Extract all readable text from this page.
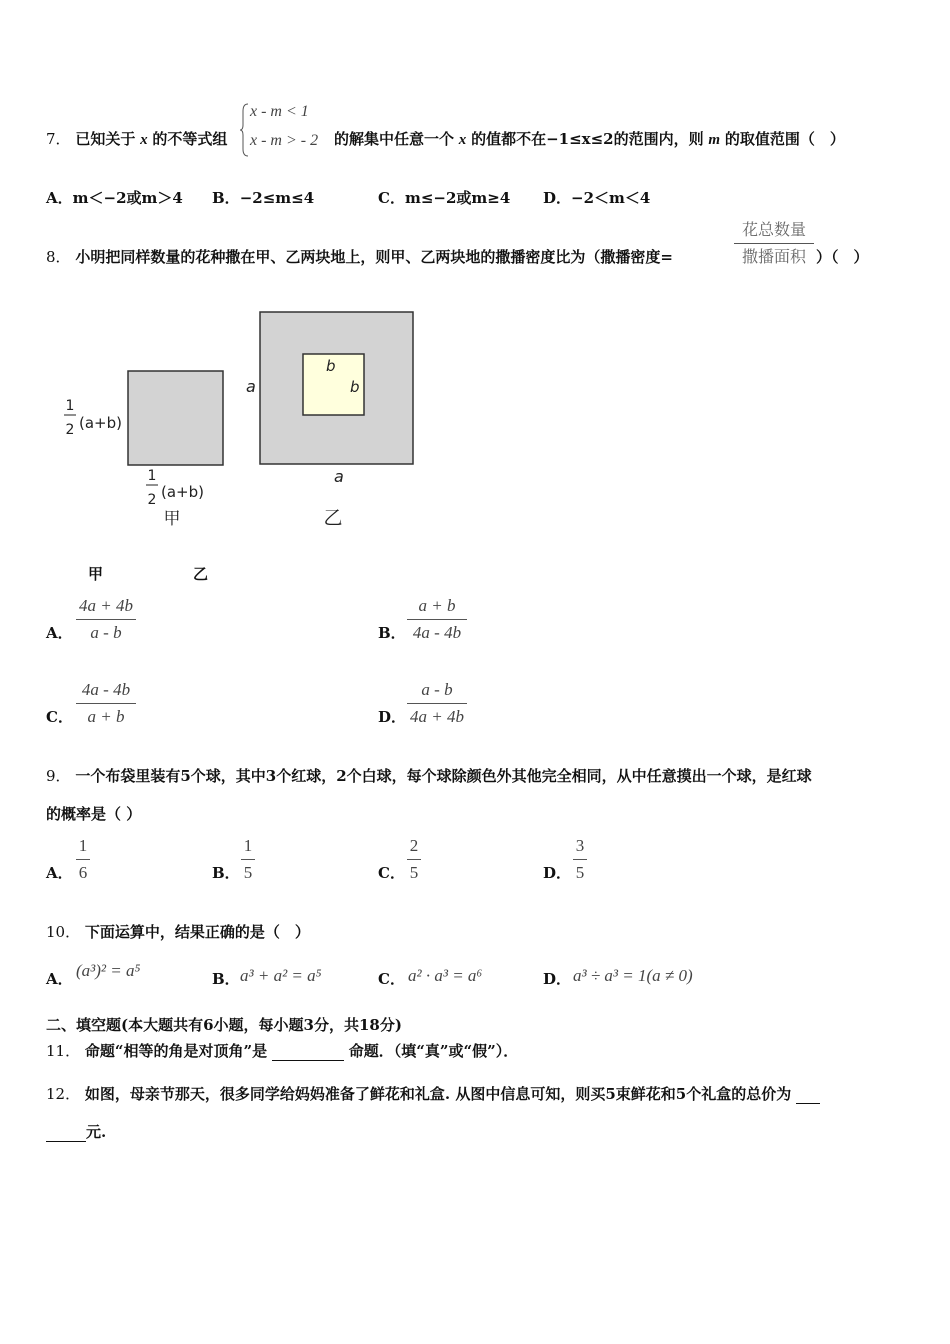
7． 已知关于 x 的不等式组
x - m < 1
x - m > - 2 的解集中任意一个 x 的值都不在−1≤x≤2的范围内，则 m 的取值范围（　）
A．m＜−2或m＞4 B．−2≤m≤4	C．m≤−2或m≥4 D．−2＜m＜4
8． 小明把同样数量的花种撒在甲、乙两块地上，则甲、乙两块地的撒播密度比为（撒播密度=
花总数量
撒播面积 ）（　）
1
2 (a+b)
1
2 (a+b)
甲
a
a
b
b
乙
甲	乙
A．
4a + 4b
a - b	B．
a + b
4a - 4b
C．
4a - 4b
a + b	D．
a - b
4a + 4b
9． 一个布袋里装有5个球，其中3个红球，2个白球，每个球除颜色外其他完全相同，从中任意摸出一个球，是红球
的概率是（ ）
A．
1
6	B．
1
5	C．
2
5	D．
3
5
10． 下面运算中，结果正确的是（　）
A． (a³)² = a⁵	B． a³ + a² = a⁵	C． a² · a³ = a⁶	D． a³ ÷ a³ = 1(a ≠ 0)
二、填空题(本大题共有6小题，每小题3分，共18分)
11． 命题“相等的角是对顶角”是	命题．（填“真”或“假”）．
12． 如图，母亲节那天，很多同学给妈妈准备了鲜花和礼盒. 从图中信息可知，则买5束鲜花和5个礼盒的总价为
元.
